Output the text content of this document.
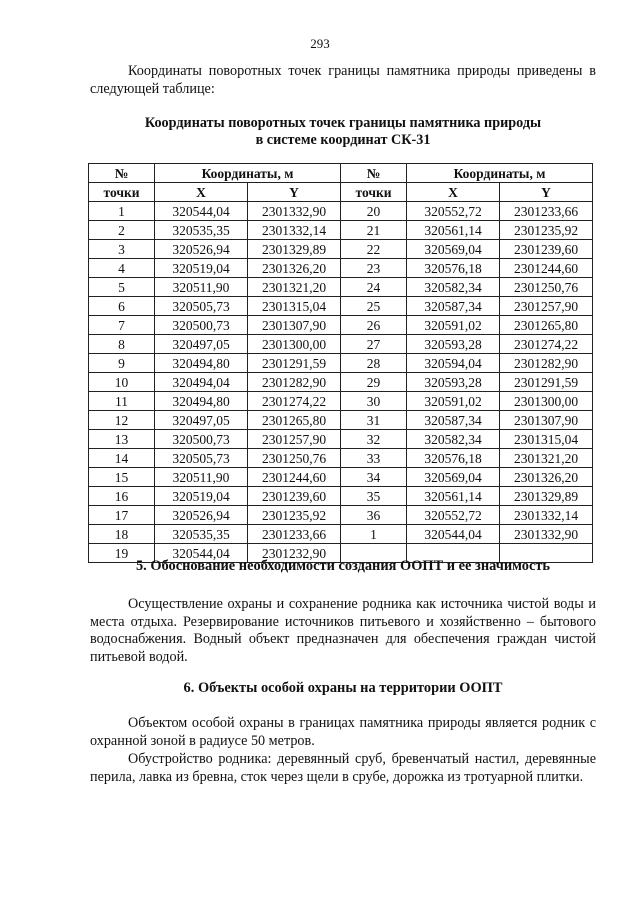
293

Координаты поворотных точек границы памятника природы приведены в следующей таблице:

Координаты поворотных точек границы памятника природы
в системе координат СК-31
№	Координаты, м		№	Координаты, м	
точки	X	Y	точки	X	Y
1	320544,04	2301332,90	20	320552,72	2301233,66
2	320535,35	2301332,14	21	320561,14	2301235,92
3	320526,94	2301329,89	22	320569,04	2301239,60
4	320519,04	2301326,20	23	320576,18	2301244,60
5	320511,90	2301321,20	24	320582,34	2301250,76
6	320505,73	2301315,04	25	320587,34	2301257,90
7	320500,73	2301307,90	26	320591,02	2301265,80
8	320497,05	2301300,00	27	320593,28	2301274,22
9	320494,80	2301291,59	28	320594,04	2301282,90
10	320494,04	2301282,90	29	320593,28	2301291,59
11	320494,80	2301274,22	30	320591,02	2301300,00
12	320497,05	2301265,80	31	320587,34	2301307,90
13	320500,73	2301257,90	32	320582,34	2301315,04
14	320505,73	2301250,76	33	320576,18	2301321,20
15	320511,90	2301244,60	34	320569,04	2301326,20
16	320519,04	2301239,60	35	320561,14	2301329,89
17	320526,94	2301235,92	36	320552,72	2301332,14
18	320535,35	2301233,66	1	320544,04	2301332,90
19	320544,04	2301232,90			
5. Обоснование необходимости создания ООПТ и ее значимость

Осуществление охраны и сохранение родника как источника чистой воды и места отдыха. Резервирование источников питьевого и хозяйственно – бытового водоснабжения. Водный объект предназначен для обеспечения граждан чистой питьевой водой.

6. Объекты особой охраны на территории ООПТ

Объектом особой охраны в границах памятника природы является родник с охранной зоной в радиусе 50 метров.

Обустройство родника: деревянный сруб, бревенчатый настил, деревянные перила, лавка из бревна, сток через щели в срубе, дорожка из тротуарной плитки.
